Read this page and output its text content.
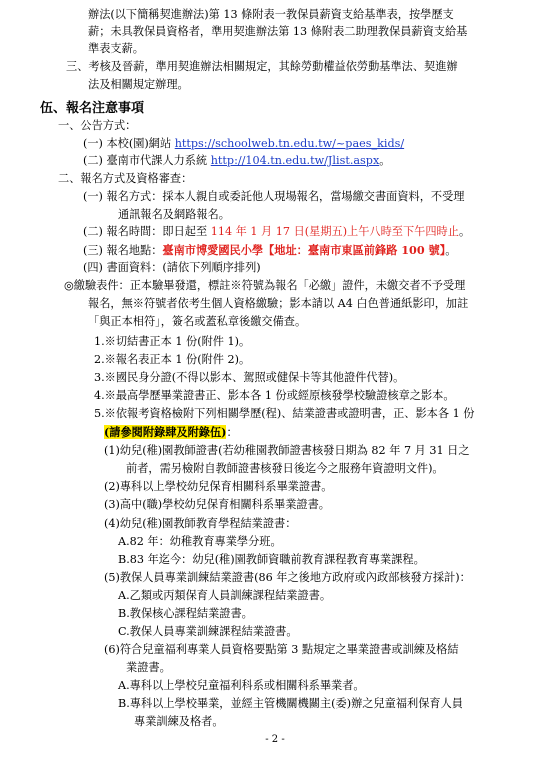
辦法(以下簡稱契進辦法)第 13 條附表一教保員薪資支給基準表，按學歷支
薪；未具教保員資格者，準用契進辦法第 13 條附表二助理教保員薪資支給基
準表支薪。
三、考核及晉薪，準用契進辦法相關規定，其餘勞動權益依勞動基準法、契進辦
法及相關規定辦理。
伍、報名注意事項
一、公告方式：
(一) 本校(園)網站 https://schoolweb.tn.edu.tw/~paes_kids/
(二) 臺南市代課人力系統 http://104.tn.edu.tw/Jlist.aspx。
二、報名方式及資格審查：
(一) 報名方式：採本人親自或委託他人現場報名，當場繳交書面資料，不受理
通訊報名及網路報名。
(二) 報名時間：即日起至 114 年 1 月 17 日(星期五)上午八時至下午四時止。
(三) 報名地點：臺南市博愛國民小學【地址：臺南市東區前鋒路 100 號】。
(四) 書面資料：(請依下列順序排列)
◎繳驗表件：正本驗畢發還，標註※符號為報名「必繳」證件，未繳交者不予受理
報名，無※符號者依考生個人資格繳驗；影本請以 A4 白色普通紙影印，加註
「與正本相符」，簽名或蓋私章後繳交備查。
1.※切結書正本 1 份(附件 1)。
2.※報名表正本 1 份(附件 2)。
3.※國民身分證(不得以影本、駕照或健保卡等其他證件代替)。
4.※最高學歷畢業證書正、影本各 1 份或經原核發學校驗證核章之影本。
5.※依報考資格檢附下列相關學歷(程)、結業證書或證明書，正、影本各 1 份
(請參閱附錄肆及附錄伍)：
(1)幼兒(稚)園教師證書(若幼稚園教師證書核發日期為 82 年 7 月 31 日之
前者，需另檢附自教師證書核發日後迄今之服務年資證明文件)。
(2)專科以上學校幼兒保育相關科系畢業證書。
(3)高中(職)學校幼兒保育相關科系畢業證書。
(4)幼兒(稚)園教師教育學程結業證書：
A.82 年：幼稚教育專業學分班。
B.83 年迄今：幼兒(稚)園教師資職前教育課程教育專業課程。
(5)教保人員專業訓練結業證書(86 年之後地方政府或內政部核發方採計)：
A.乙類或丙類保育人員訓練課程結業證書。
B.教保核心課程結業證書。
C.教保人員專業訓練課程結業證書。
(6)符合兒童福利專業人員資格要點第 3 點規定之畢業證書或訓練及格結
業證書。
A.專科以上學校兒童福利科系或相關科系畢業者。
B.專科以上學校畢業，並經主管機關機關主(委)辦之兒童福利保育人員
專業訓練及格者。
- 2 -
